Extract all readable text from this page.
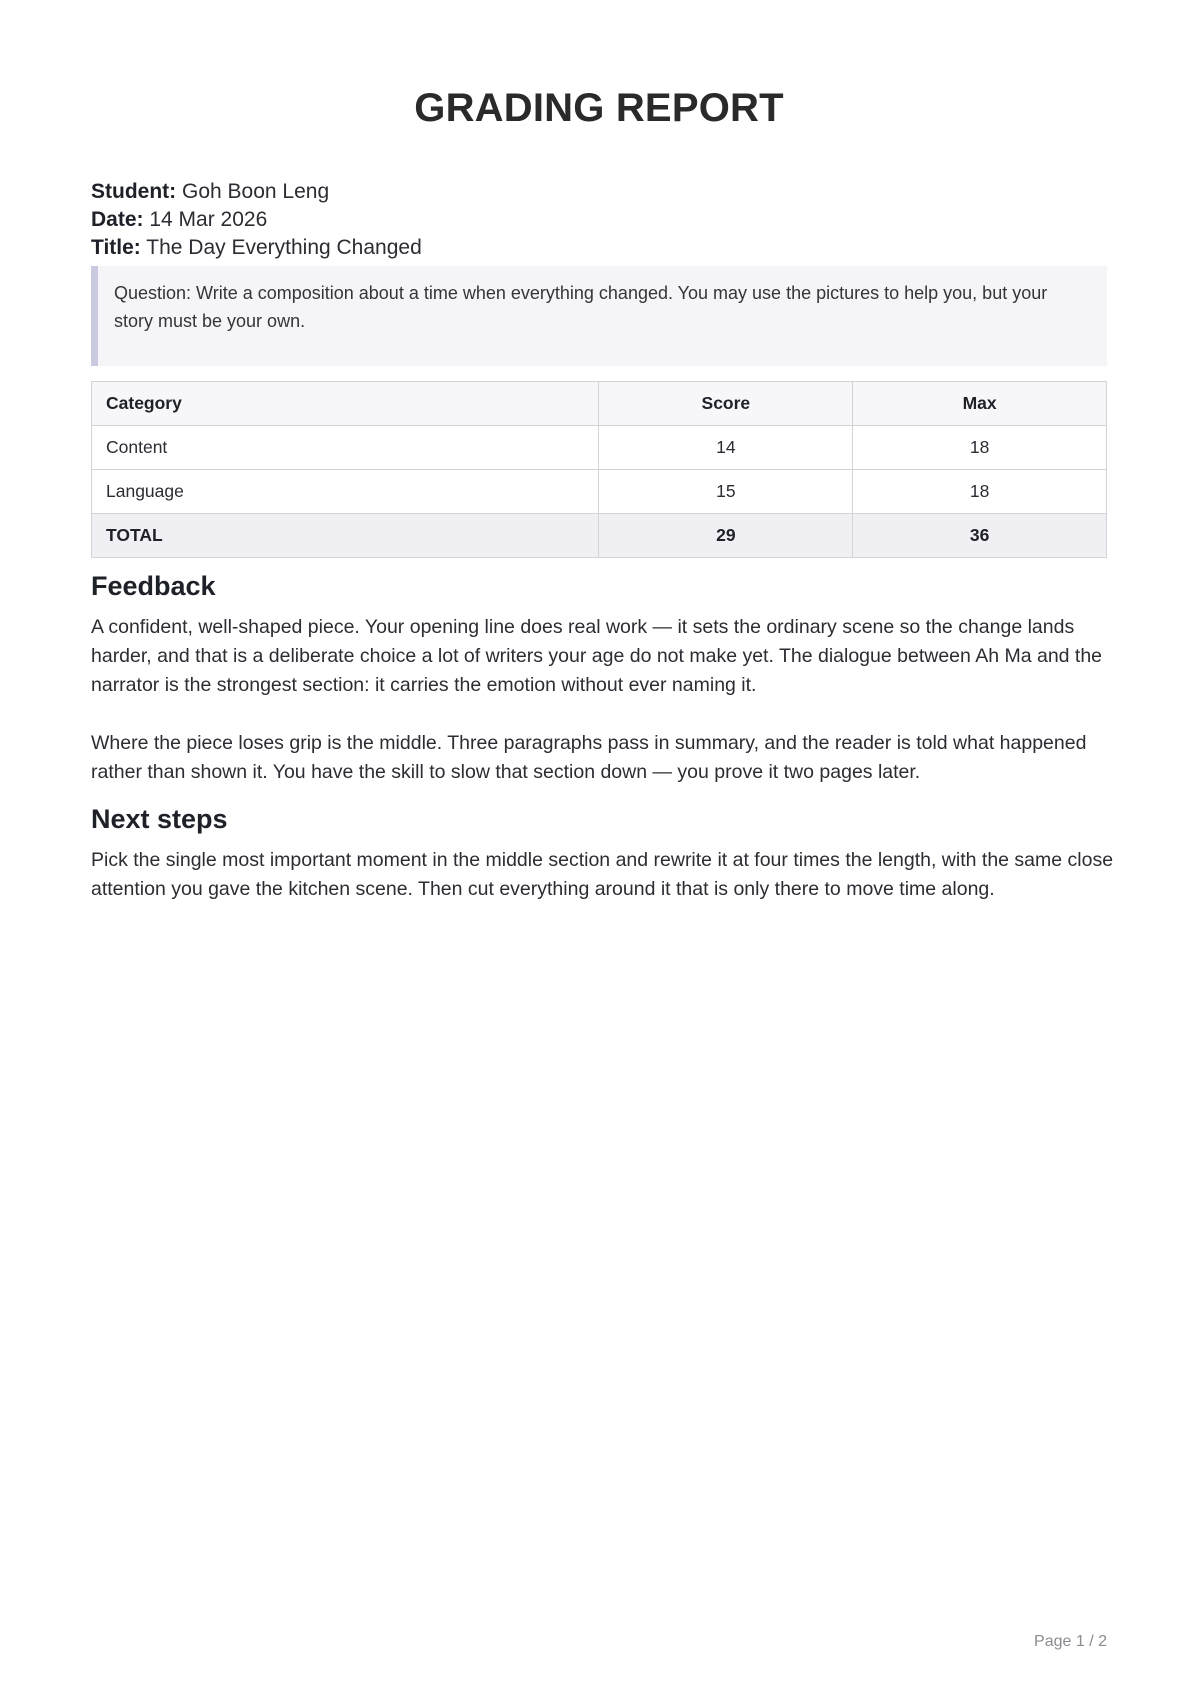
GRADING REPORT
Student: Goh Boon Leng
Date: 14 Mar 2026
Title: The Day Everything Changed
Question: Write a composition about a time when everything changed. You may use the pictures to help you, but your story must be your own.
Category	Score	Max
Content	14	18
Language	15	18
TOTAL	29	36
Feedback

A confident, well-shaped piece. Your opening line does real work — it sets the ordinary scene so the change lands harder, and that is a deliberate choice a lot of writers your age do not make yet. The dialogue between Ah Ma and the narrator is the strongest section: it carries the emotion without ever naming it.

Where the piece loses grip is the middle. Three paragraphs pass in summary, and the reader is told what happened rather than shown it. You have the skill to slow that section down — you prove it two pages later.

Next steps

Pick the single most important moment in the middle section and rewrite it at four times the length, with the same close attention you gave the kitchen scene. Then cut everything around it that is only there to move time along.

Page 1 / 2
